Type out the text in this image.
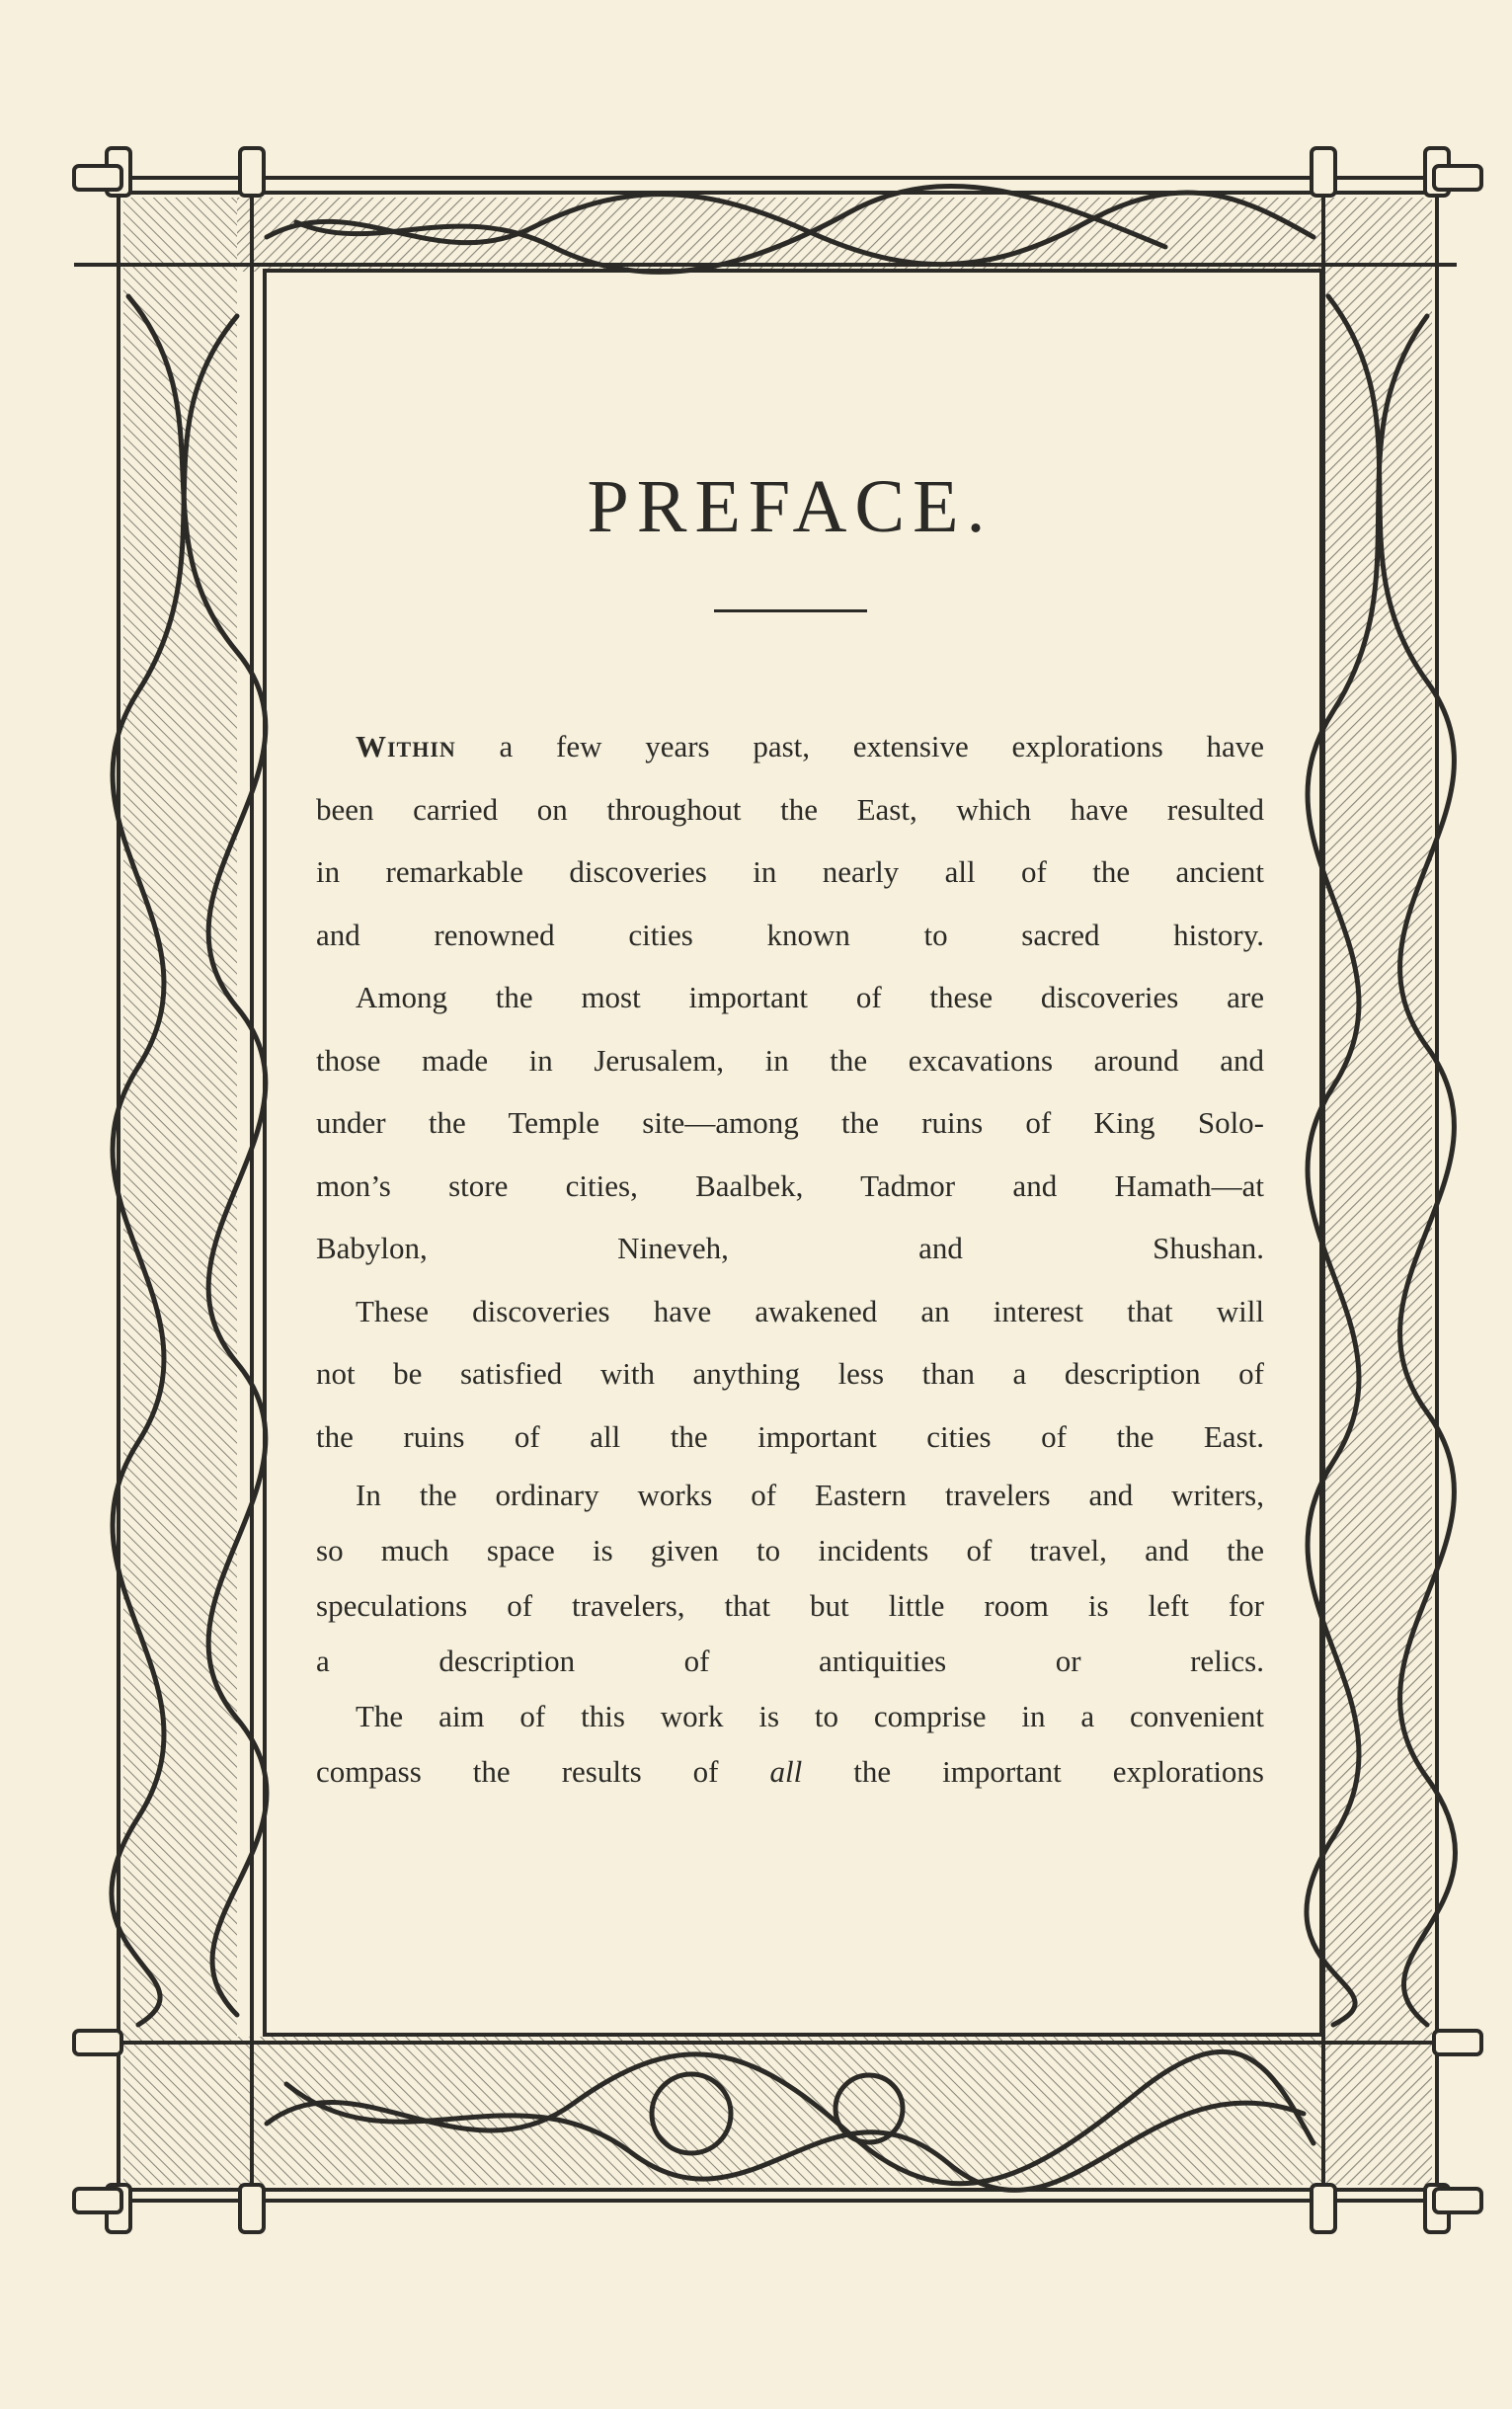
PREFACE.

Within a few years past, extensive explorations have
been carried on throughout the East, which have resulted
in remarkable discoveries in nearly all of the ancient
and renowned cities known to sacred history.

Among the most important of these discoveries are
those made in Jerusalem, in the excavations around and
under the Temple site—among the ruins of King Solo-
mon’s store cities, Baalbek, Tadmor and Hamath—at
Babylon, Nineveh, and Shushan.

These discoveries have awakened an interest that will
not be satisfied with anything less than a description of
the ruins of all the important cities of the East.

In the ordinary works of Eastern travelers and writers,
so much space is given to incidents of travel, and the
speculations of travelers, that but little room is left for
a description of antiquities or relics.

The aim of this work is to comprise in a convenient
compass the results of all the important explorations
